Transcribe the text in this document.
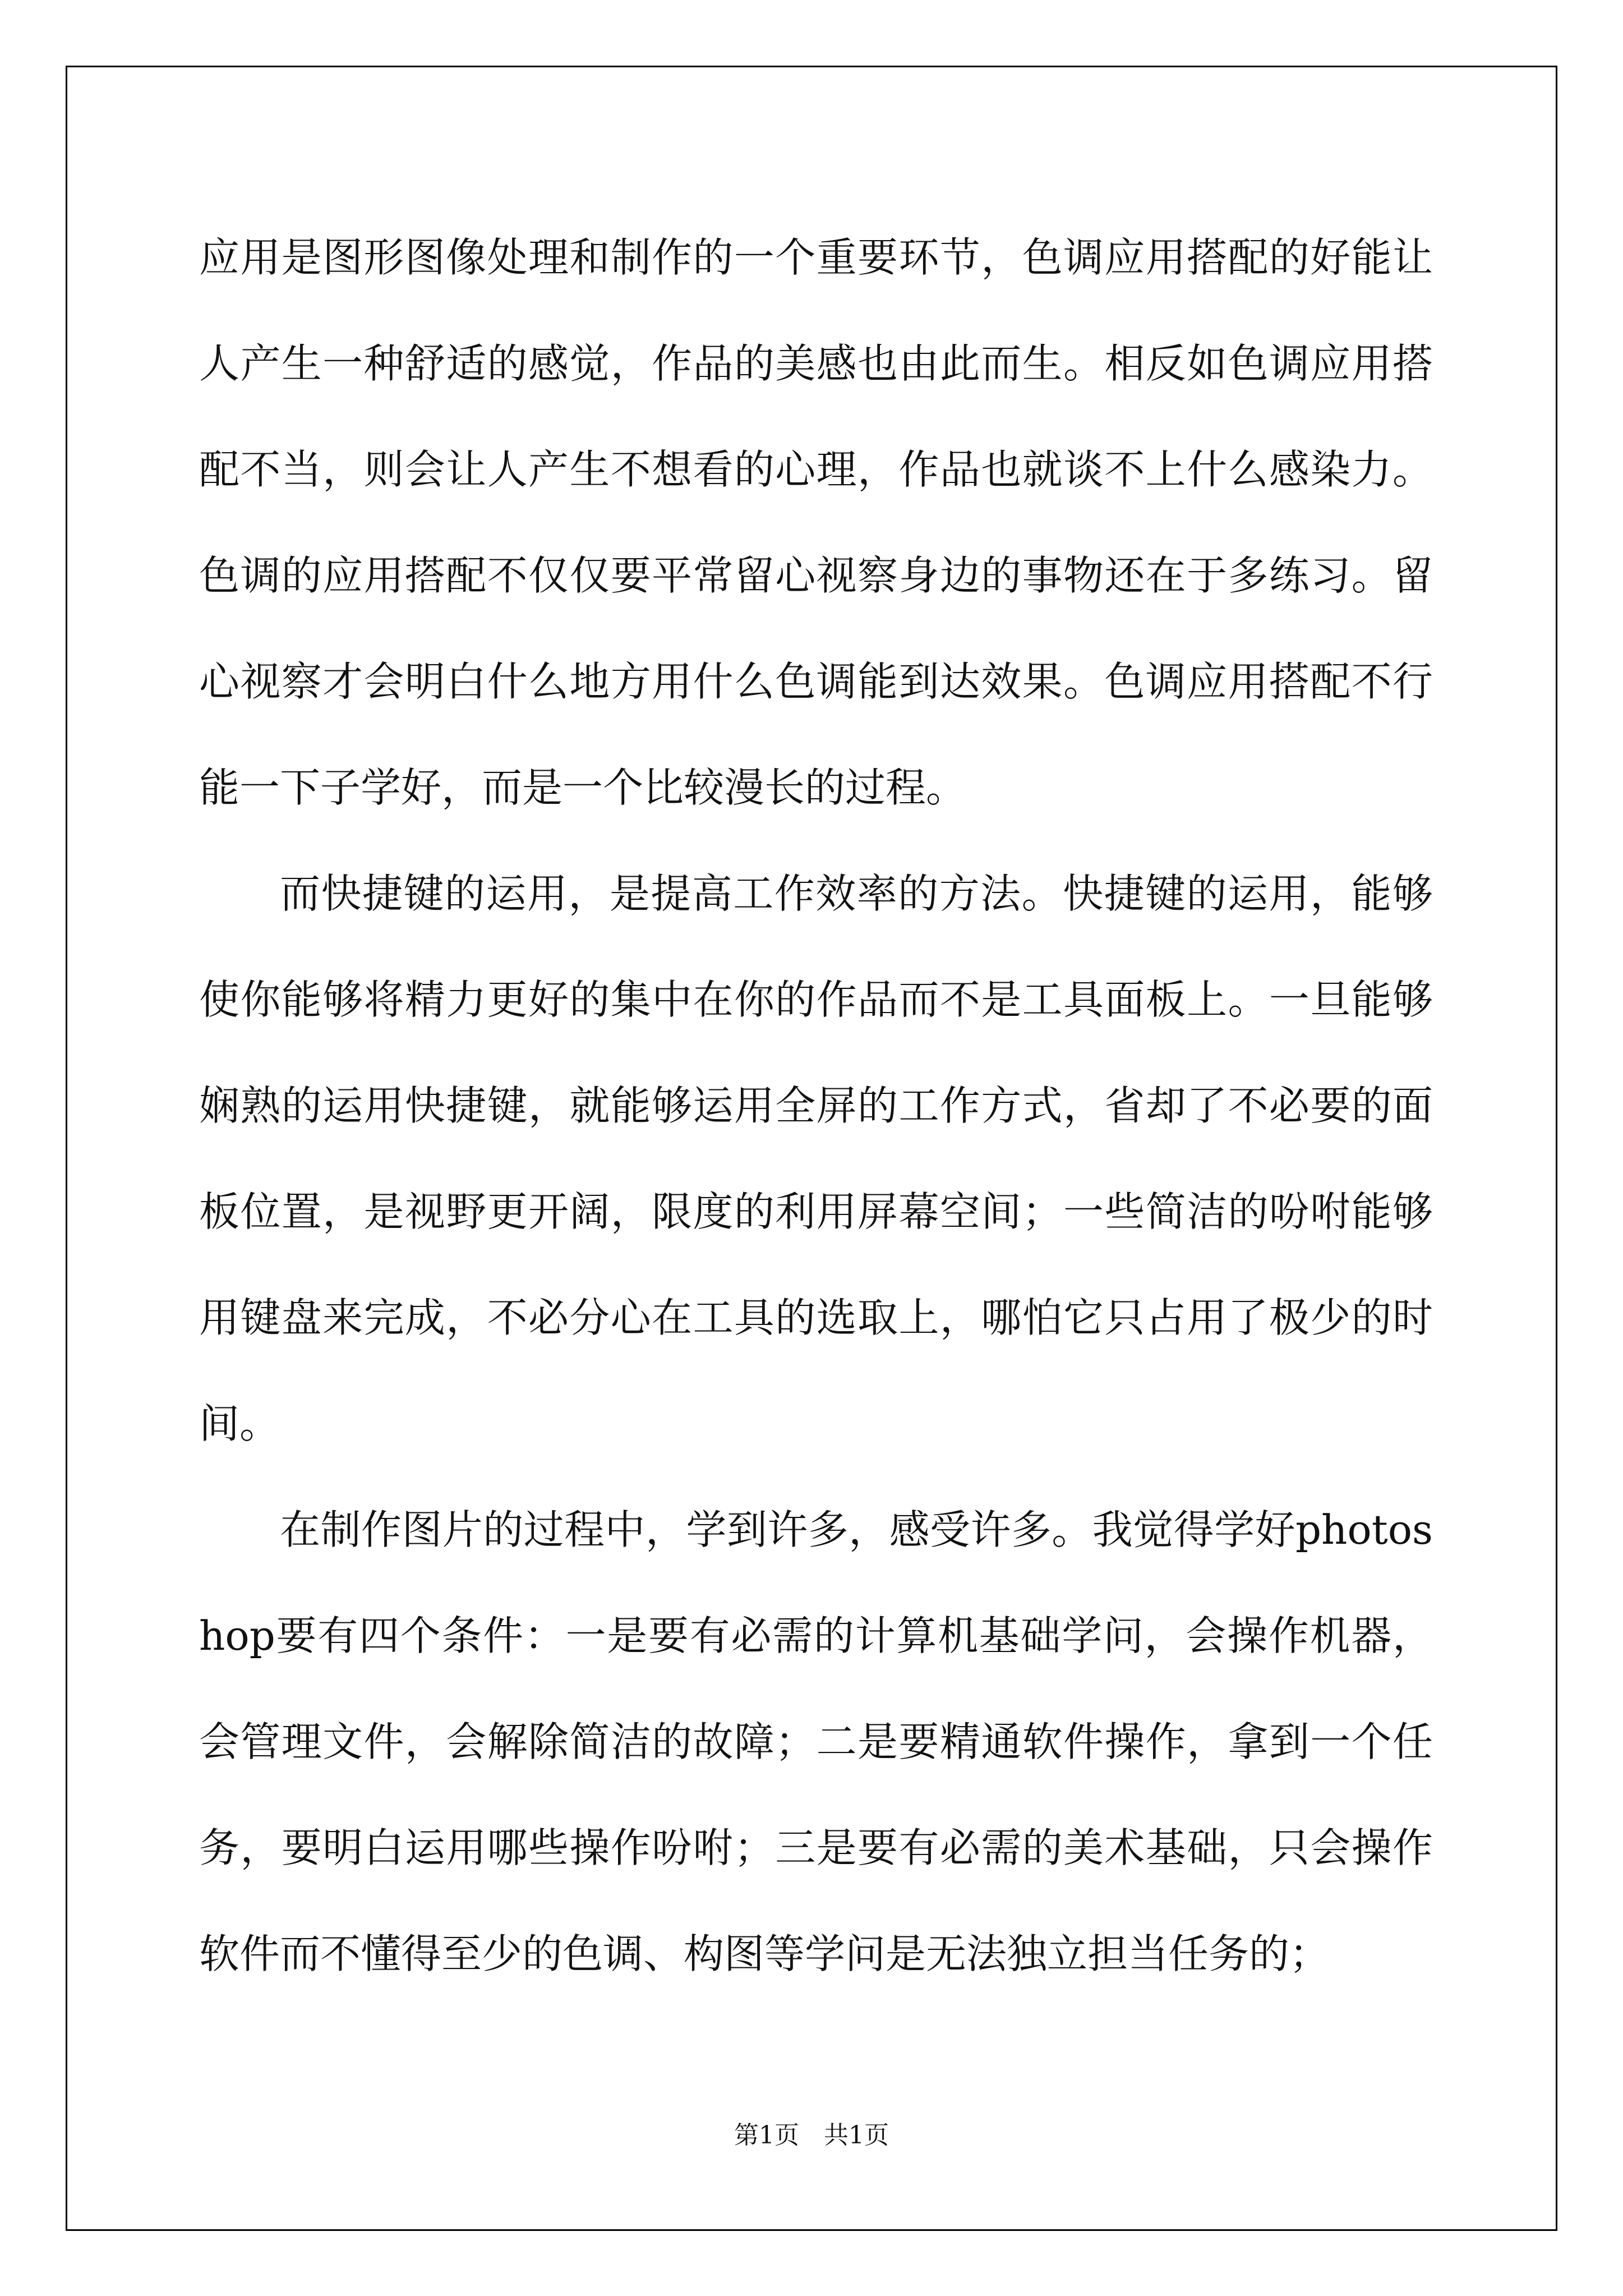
应用是图形图像处理和制作的一个重要环节，色调应用搭配的好能让人产生一种舒适的感觉，作品的美感也由此而生。相反如色调应用搭配不当，则会让人产生不想看的心理，作品也就谈不上什么感染力。色调的应用搭配不仅仅要平常留心视察身边的事物还在于多练习。留心视察才会明白什么地方用什么色调能到达效果。色调应用搭配不行能一下子学好，而是一个比较漫长的过程。

而快捷键的运用，是提高工作效率的方法。快捷键的运用，能够使你能够将精力更好的集中在你的作品而不是工具面板上。一旦能够娴熟的运用快捷键，就能够运用全屏的工作方式，省却了不必要的面板位置，是视野更开阔，限度的利用屏幕空间；一些简洁的吩咐能够用键盘来完成，不必分心在工具的选取上，哪怕它只占用了极少的时间。

在制作图片的过程中，学到许多，感受许多。我觉得学好photoshop要有四个条件：一是要有必需的计算机基础学问，会操作机器，会管理文件，会解除简洁的故障；二是要精通软件操作，拿到一个任务，要明白运用哪些操作吩咐；三是要有必需的美术基础，只会操作软件而不懂得至少的色调、构图等学问是无法独立担当任务的；

第1页　共1页
